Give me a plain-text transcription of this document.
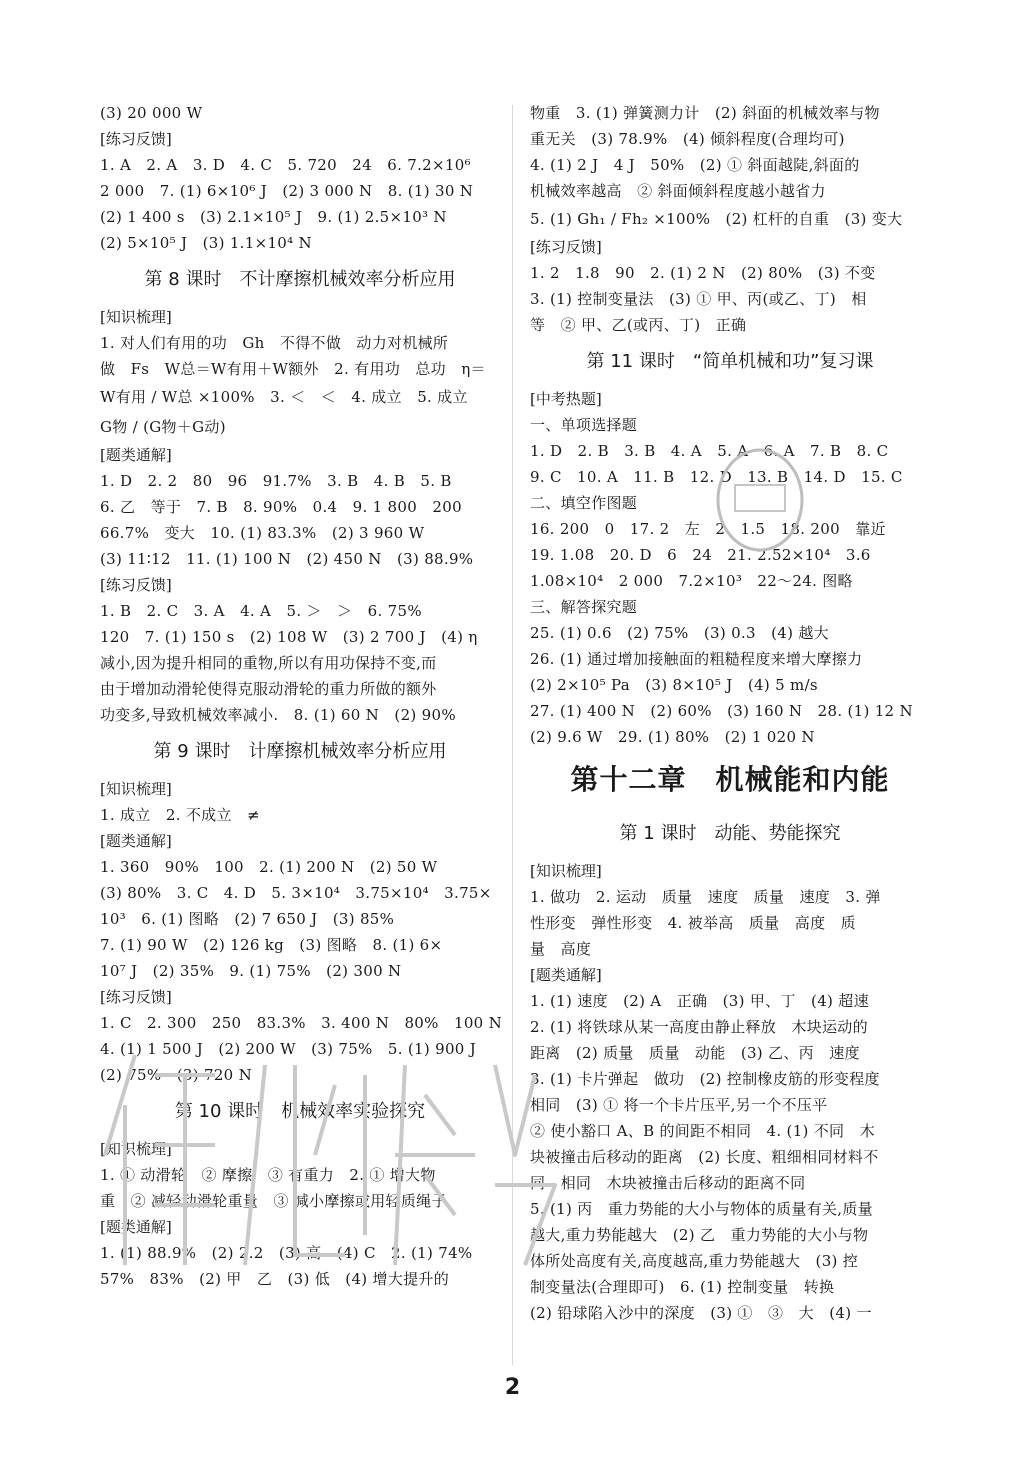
(3) 20 000 W
[练习反馈]
1. A　2. A　3. D　4. C　5. 720　24　6. 7.2×10⁶
2 000　7. (1) 6×10⁶ J　(2) 3 000 N　8. (1) 30 N
(2) 1 400 s　(3) 2.1×10⁵ J　9. (1) 2.5×10³ N
(2) 5×10⁵ J　(3) 1.1×10⁴ N
第 8 课时　不计摩擦机械效率分析应用
[知识梳理]
1. 对人们有用的功　Gh　不得不做　动力对机械所
做　Fs　W总＝W有用＋W额外　2. 有用功　总功　η＝
W有用 / W总 ×100%　3. ＜　＜　4. 成立　5. 成立
G物 / (G物＋G动)
[题类通解]
1. D　2. 2　80　96　91.7%　3. B　4. B　5. B
6. 乙　等于　7. B　8. 90%　0.4　9. 1 800　200
66.7%　变大　10. (1) 83.3%　(2) 3 960 W
(3) 11∶12　11. (1) 100 N　(2) 450 N　(3) 88.9%
[练习反馈]
1. B　2. C　3. A　4. A　5. ＞　＞　6. 75%
120　7. (1) 150 s　(2) 108 W　(3) 2 700 J　(4) η
减小,因为提升相同的重物,所以有用功保持不变,而
由于增加动滑轮使得克服动滑轮的重力所做的额外
功变多,导致机械效率减小.　8. (1) 60 N　(2) 90%
第 9 课时　计摩擦机械效率分析应用
[知识梳理]
1. 成立　2. 不成立　≠
[题类通解]
1. 360　90%　100　2. (1) 200 N　(2) 50 W
(3) 80%　3. C　4. D　5. 3×10⁴　3.75×10⁴　3.75×
10³　6. (1) 图略　(2) 7 650 J　(3) 85%
7. (1) 90 W　(2) 126 kg　(3) 图略　8. (1) 6×
10⁷ J　(2) 35%　9. (1) 75%　(2) 300 N
[练习反馈]
1. C　2. 300　250　83.3%　3. 400 N　80%　100 N
4. (1) 1 500 J　(2) 200 W　(3) 75%　5. (1) 900 J
(2) 75%　(3) 720 N
第 10 课时　机械效率实验探究
[知识梳理]
1. ① 动滑轮　② 摩擦　③ 有重力　2. ① 增大物
重　② 减轻动滑轮重量　③ 减小摩擦或用轻质绳子
[题类通解]
1. (1) 88.9%　(2) 2.2　(3) 高　(4) C　2. (1) 74%
57%　83%　(2) 甲　乙　(3) 低　(4) 增大提升的
物重　3. (1) 弹簧测力计　(2) 斜面的机械效率与物
重无关　(3) 78.9%　(4) 倾斜程度(合理均可)
4. (1) 2 J　4 J　50%　(2) ① 斜面越陡,斜面的
机械效率越高　② 斜面倾斜程度越小越省力
5. (1) Gh₁ / Fh₂ ×100%　(2) 杠杆的自重　(3) 变大
[练习反馈]
1. 2　1.8　90　2. (1) 2 N　(2) 80%　(3) 不变
3. (1) 控制变量法　(3) ① 甲、丙(或乙、丁)　相
等　② 甲、乙(或丙、丁)　正确
第 11 课时　“简单机械和功”复习课
[中考热题]
一、单项选择题
1. D　2. B　3. B　4. A　5. A　6. A　7. B　8. C
9. C　10. A　11. B　12. D　13. B　14. D　15. C
二、填空作图题
16. 200　0　17. 2　左　2　1.5　18. 200　靠近
19. 1.08　20. D　6　24　21. 2.52×10⁴　3.6
1.08×10⁴　2 000　7.2×10³　22～24. 图略
三、解答探究题
25. (1) 0.6　(2) 75%　(3) 0.3　(4) 越大
26. (1) 通过增加接触面的粗糙程度来增大摩擦力
(2) 2×10⁵ Pa　(3) 8×10⁵ J　(4) 5 m/s
27. (1) 400 N　(2) 60%　(3) 160 N　28. (1) 12 N
(2) 9.6 W　29. (1) 80%　(2) 1 020 N
第十二章　机械能和内能
第 1 课时　动能、势能探究
[知识梳理]
1. 做功　2. 运动　质量　速度　质量　速度　3. 弹
性形变　弹性形变　4. 被举高　质量　高度　质
量　高度
[题类通解]
1. (1) 速度　(2) A　正确　(3) 甲、丁　(4) 超速
2. (1) 将铁球从某一高度由静止释放　木块运动的
距离　(2) 质量　质量　动能　(3) 乙、丙　速度
3. (1) 卡片弹起　做功　(2) 控制橡皮筋的形变程度
相同　(3) ① 将一个卡片压平,另一个不压平
② 使小豁口 A、B 的间距不相同　4. (1) 不同　木
块被撞击后移动的距离　(2) 长度、粗细相同材料不
同　相同　木块被撞击后移动的距离不同
5. (1) 丙　重力势能的大小与物体的质量有关,质量
越大,重力势能越大　(2) 乙　重力势能的大小与物
体所处高度有关,高度越高,重力势能越大　(3) 控
制变量法(合理即可)　6. (1) 控制变量　转换
(2) 铅球陷入沙中的深度　(3) ①　③　大　(4) 一
2
